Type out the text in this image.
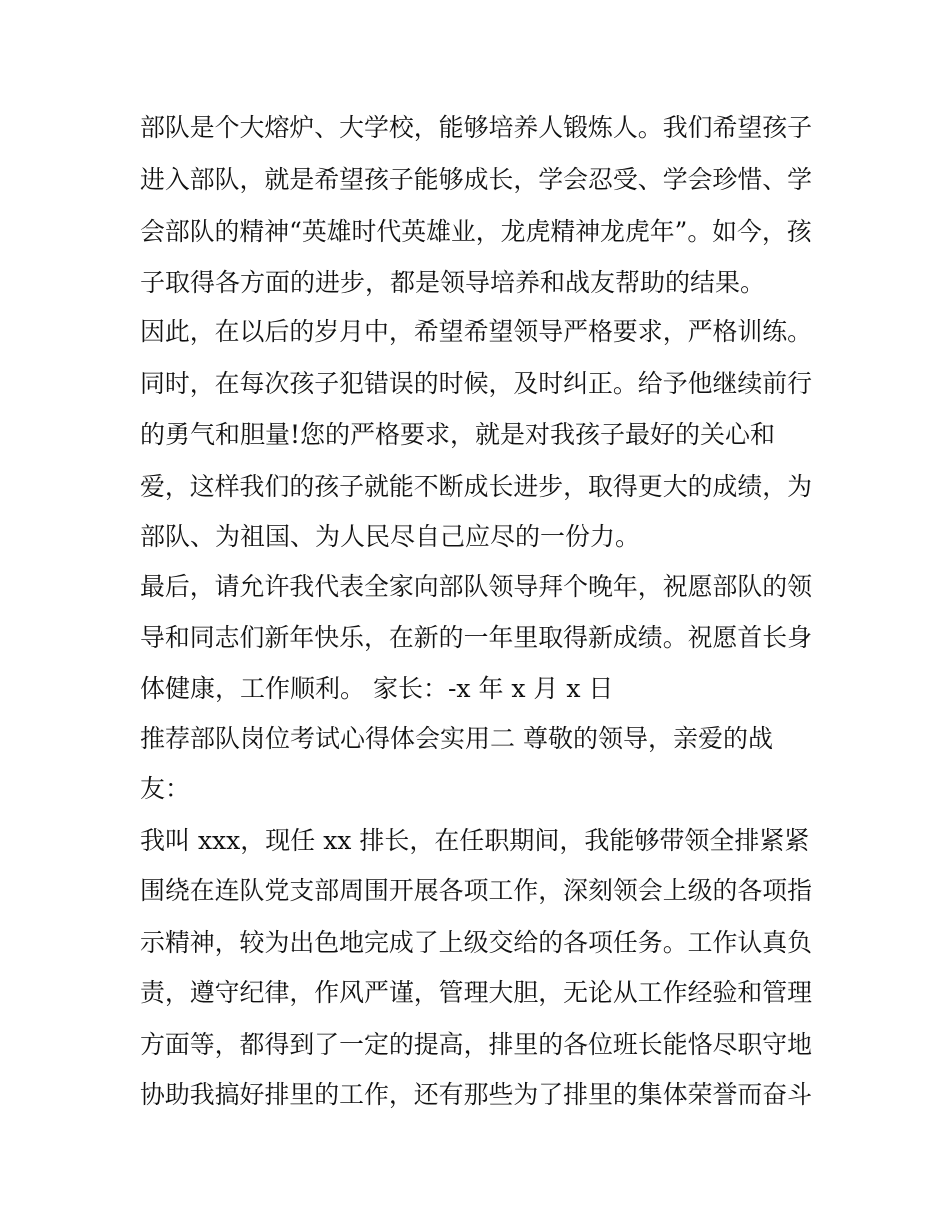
部队是个大熔炉、大学校，能够培养人锻炼人。我们希望孩子
进入部队，就是希望孩子能够成长，学会忍受、学会珍惜、学
会部队的精神“英雄时代英雄业，龙虎精神龙虎年”。如今，孩
子取得各方面的进步，都是领导培养和战友帮助的结果。
因此，在以后的岁月中，希望希望领导严格要求，严格训练。
同时，在每次孩子犯错误的时候，及时纠正。给予他继续前行
的勇气和胆量!您的严格要求，就是对我孩子最好的关心和
爱，这样我们的孩子就能不断成长进步，取得更大的成绩，为
部队、为祖国、为人民尽自己应尽的一份力。
最后，请允许我代表全家向部队领导拜个晚年，祝愿部队的领
导和同志们新年快乐，在新的一年里取得新成绩。祝愿首长身
体健康，工作顺利。 家长：-x 年 x 月 x 日
推荐部队岗位考试心得体会实用二 尊敬的领导，亲爱的战
友：
我叫 xxx，现任 xx 排长，在任职期间，我能够带领全排紧紧
围绕在连队党支部周围开展各项工作，深刻领会上级的各项指
示精神，较为出色地完成了上级交给的各项任务。工作认真负
责，遵守纪律，作风严谨，管理大胆，无论从工作经验和管理
方面等，都得到了一定的提高，排里的各位班长能恪尽职守地
协助我搞好排里的工作，还有那些为了排里的集体荣誉而奋斗
